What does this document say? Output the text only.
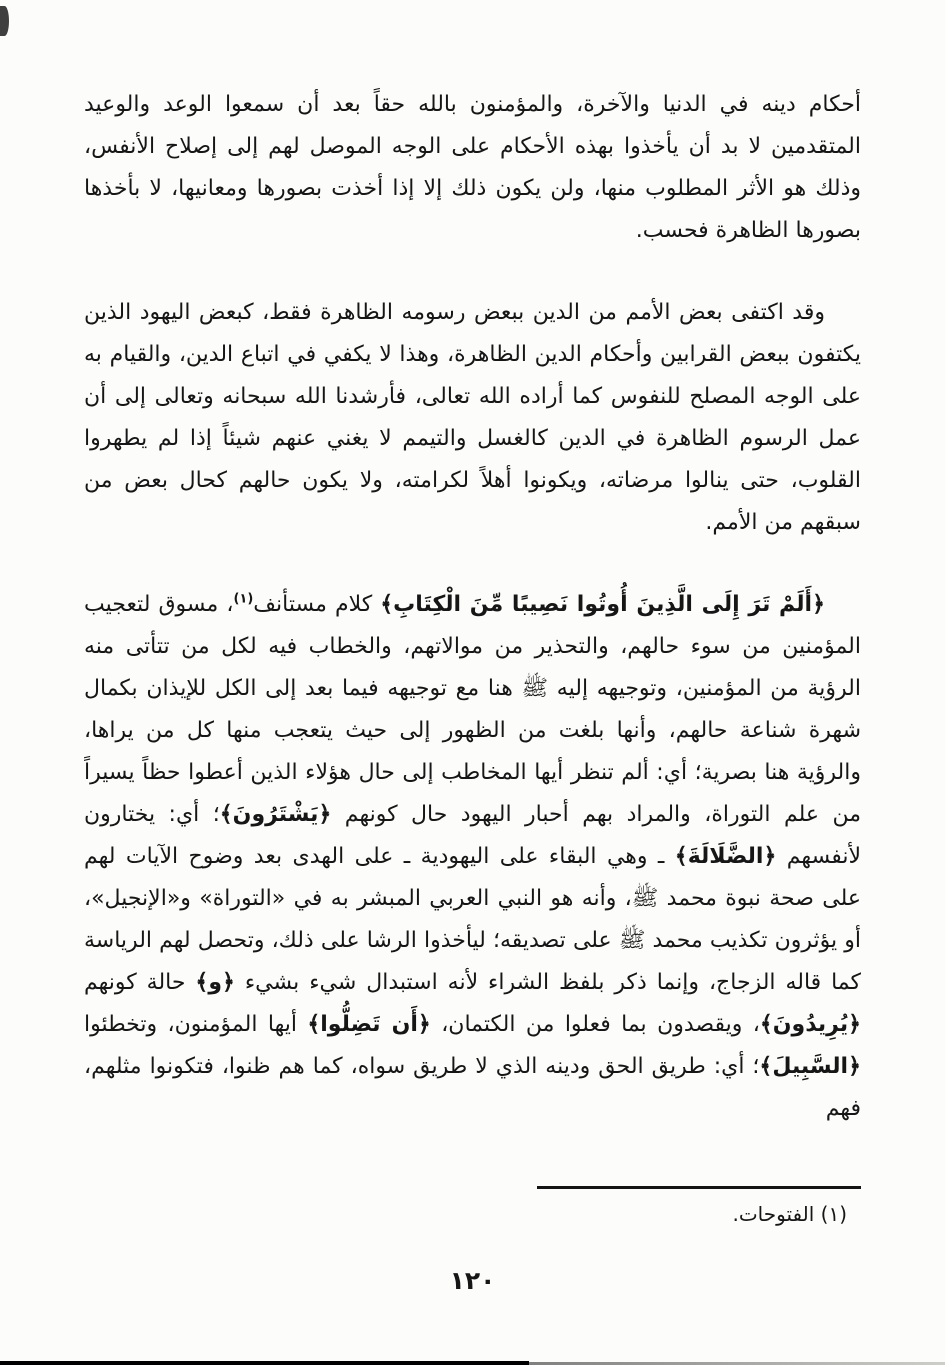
أحكام دينه في الدنيا والآخرة، والمؤمنون بالله حقاً بعد أن سمعوا الوعد والوعيد المتقدمين لا بد أن يأخذوا بهذه الأحكام على الوجه الموصل لهم إلى إصلاح الأنفس، وذلك هو الأثر المطلوب منها، ولن يكون ذلك إلا إذا أخذت بصورها ومعانيها، لا بأخذها بصورها الظاهرة فحسب.

وقد اكتفى بعض الأمم من الدين ببعض رسومه الظاهرة فقط، كبعض اليهود الذين يكتفون ببعض القرابين وأحكام الدين الظاهرة، وهذا لا يكفي في اتباع الدين، والقيام به على الوجه المصلح للنفوس كما أراده الله تعالى، فأرشدنا الله سبحانه وتعالى إلى أن عمل الرسوم الظاهرة في الدين كالغسل والتيمم لا يغني عنهم شيئاً إذا لم يطهروا القلوب، حتى ينالوا مرضاته، ويكونوا أهلاً لكرامته، ولا يكون حالهم كحال بعض من سبقهم من الأمم.

﴿أَلَمْ تَرَ إِلَى الَّذِينَ أُوتُوا نَصِيبًا مِّنَ الْكِتَابِ﴾ كلام مستأنف$^{(١)}$، مسوق لتعجيب المؤمنين من سوء حالهم، والتحذير من موالاتهم، والخطاب فيه لكل من تتأتى منه الرؤية من المؤمنين، وتوجيهه إليه ﷺ هنا مع توجيهه فيما بعد إلى الكل للإيذان بكمال شهرة شناعة حالهم، وأنها بلغت من الظهور إلى حيث يتعجب منها كل من يراها، والرؤية هنا بصرية؛ أي: ألم تنظر أيها المخاطب إلى حال هؤلاء الذين أعطوا حظاً يسيراً من علم التوراة، والمراد بهم أحبار اليهود حال كونهم ﴿يَشْتَرُونَ﴾؛ أي: يختارون لأنفسهم ﴿الضَّلَالَةَ﴾ ـ وهي البقاء على اليهودية ـ على الهدى بعد وضوح الآيات لهم على صحة نبوة محمد ﷺ، وأنه هو النبي العربي المبشر به في «التوراة» و«الإنجيل»، أو يؤثرون تكذيب محمد ﷺ على تصديقه؛ ليأخذوا الرشا على ذلك، وتحصل لهم الرياسة كما قاله الزجاج، وإنما ذكر بلفظ الشراء لأنه استبدال شيء بشيء ﴿و﴾ حالة كونهم ﴿يُرِيدُونَ﴾، ويقصدون بما فعلوا من الكتمان، ﴿أَن تَضِلُّوا﴾ أيها المؤمنون، وتخطئوا ﴿السَّبِيلَ﴾؛ أي: طريق الحق ودينه الذي لا طريق سواه، كما هم ظنوا، فتكونوا مثلهم، فهم

(١) الفتوحات.
١٢٠
